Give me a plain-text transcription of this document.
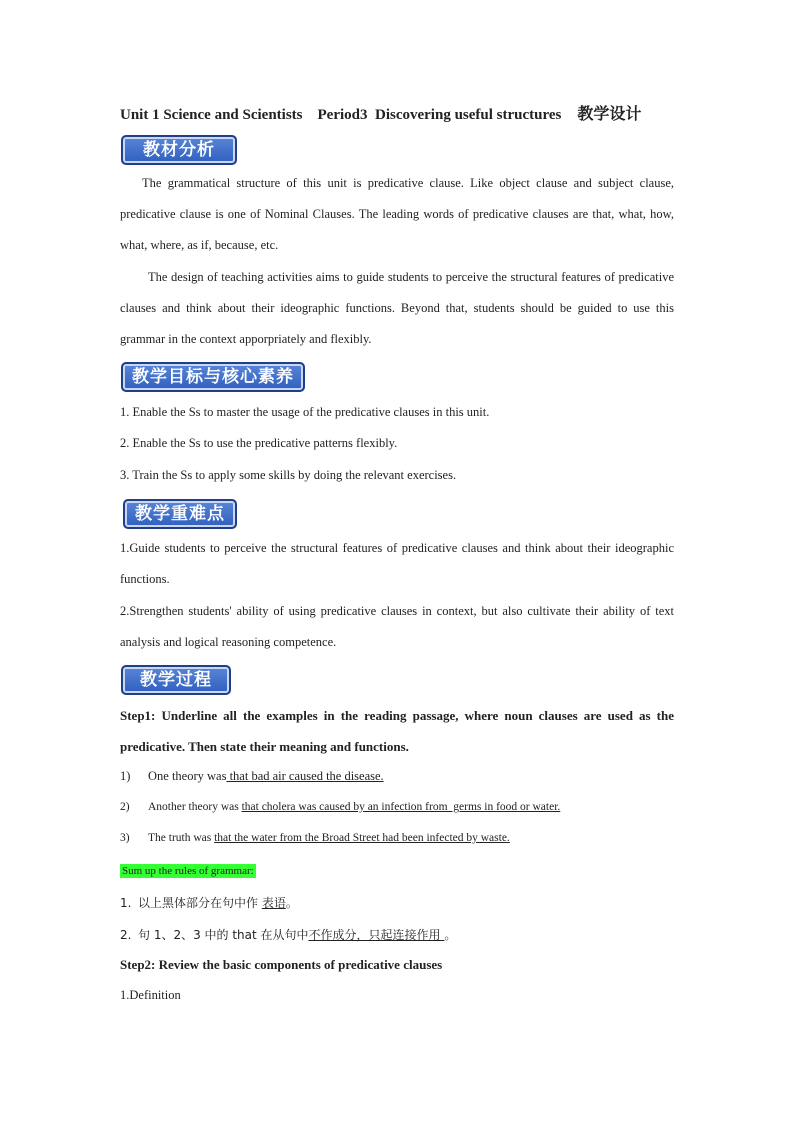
Unit 1 Science and Scientists    Period3  Discovering useful structures 教学设计
教材分析
The grammatical structure of this unit is predicative clause. Like object clause and subject clause, predicative clause is one of Nominal Clauses. The leading words of predicative clauses are that, what, how, what, where, as if, because, etc.
The design of teaching activities aims to guide students to perceive the structural features of predicative clauses and think about their ideographic functions. Beyond that, students should be guided to use this grammar in the context apporpriately and flexibly.
教学目标与核心素养
1. Enable the Ss to master the usage of the predicative clauses in this unit.
2. Enable the Ss to use the predicative patterns flexibly.
3. Train the Ss to apply some skills by doing the relevant exercises.
教学重难点
1.Guide students to perceive the structural features of predicative clauses and think about their ideographic functions.
2.Strengthen students' ability of using predicative clauses in context, but also cultivate their ability of text analysis and logical reasoning competence.
教学过程
Step1: Underline all the examples in the reading passage, where noun clauses are used as the predicative. Then state their meaning and functions.
1) One theory was that bad air caused the disease.
2) Another theory was that cholera was caused by an infection from  germs in food or water.
3) The truth was that the water from the Broad Street had been infected by waste.
Sum up the rules of grammar:
1. 以上黑体部分在句中作 表语。
2. 句 1、2、3 中的 that 在从句中不作成分，只起连接作用 。
Step2: Review the basic components of predicative clauses
1.Definition
